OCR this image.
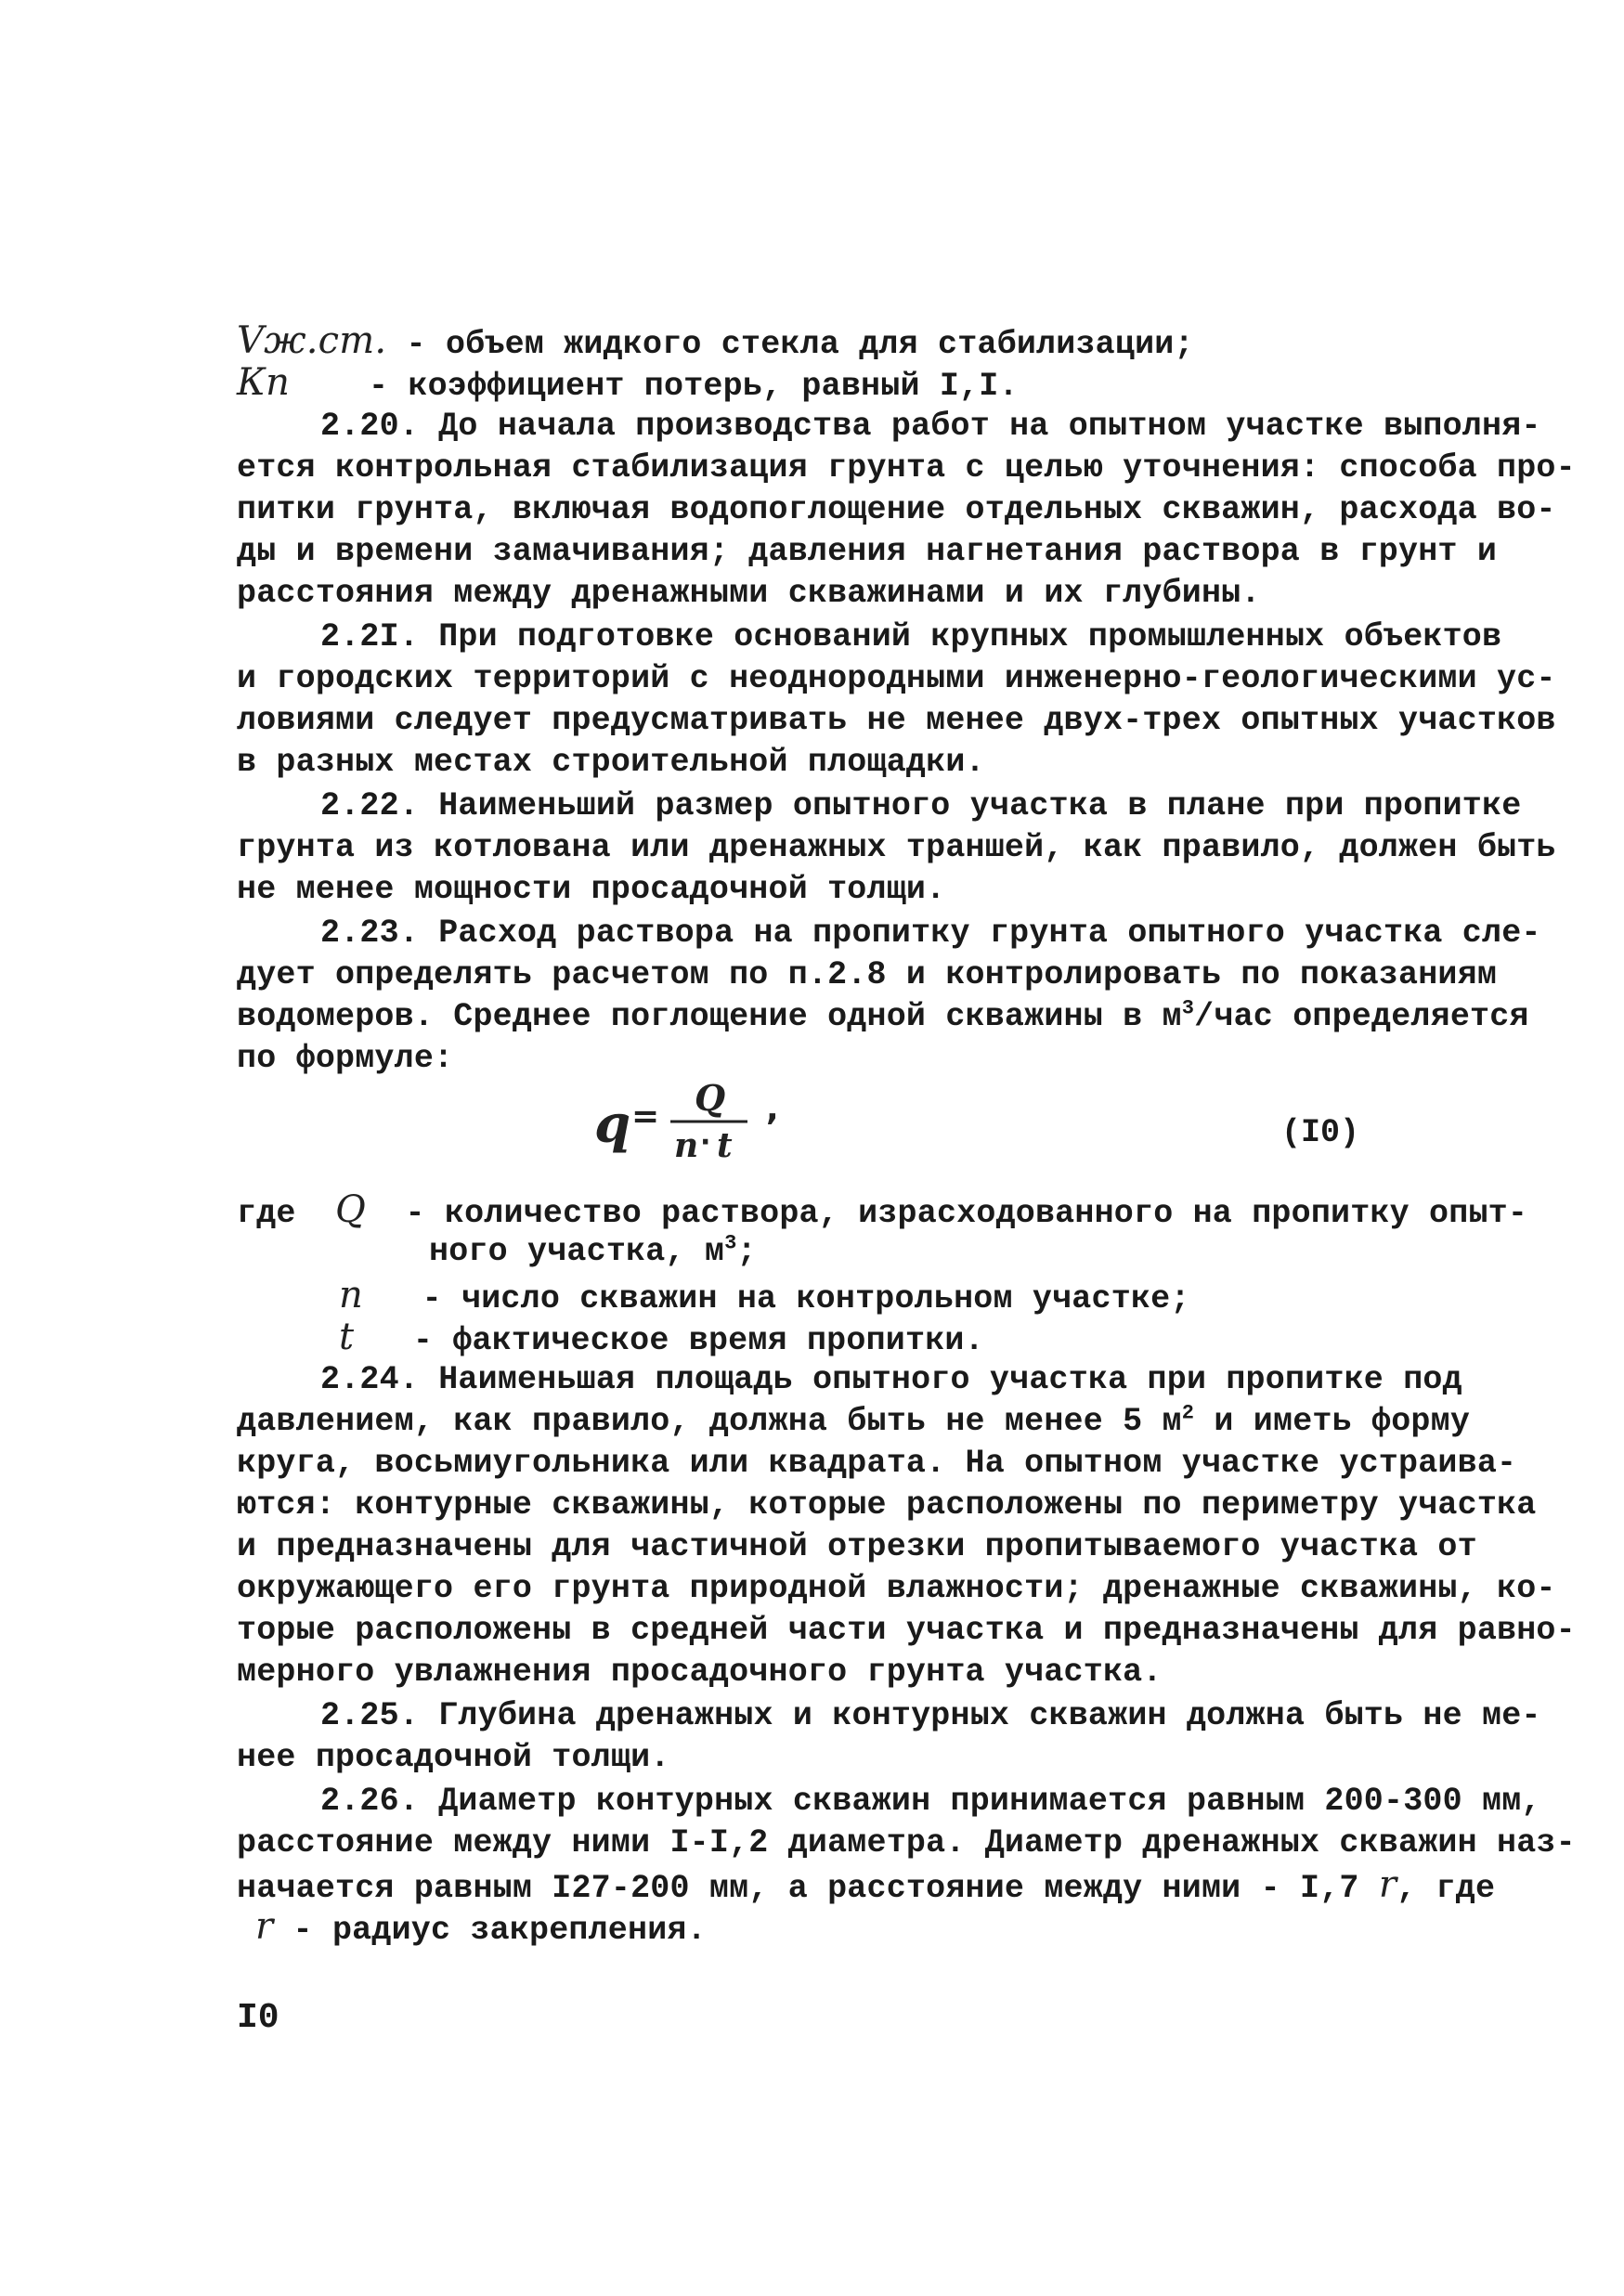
Vж.ст. - объем жидкого стекла для стабилизации;
Кп - коэффициент потерь, равный I,I.
2.20. До начала производства работ на опытном участке выполня-
ется контрольная стабилизация грунта с целью уточнения: способа про-
питки грунта, включая водопоглощение отдельных скважин, расхода во-
ды и времени замачивания; давления нагнетания раствора в грунт и
расстояния между дренажными скважинами и их глубины.
2.2I. При подготовке оснований крупных промышленных объектов
и городских территорий с неоднородными инженерно-геологическими ус-
ловиями следует предусматривать не менее двух-трех опытных участков
в разных местах строительной площадки.
2.22. Наименьший размер опытного участка в плане при пропитке
грунта из котлована или дренажных траншей, как правило, должен быть
не менее мощности просадочной толщи.
2.23. Расход раствора на пропитку грунта опытного участка сле-
дует определять расчетом по п.2.8 и контролировать по показаниям
водомеров. Среднее поглощение одной скважины в $м^3$/час определяется
по формуле:
q = Q
n · t
,
(I0)
где Q - количество раствора, израсходованного на пропитку опыт-
ного участка, $м^3$;
n - число скважин на контрольном участке;
t - фактическое время пропитки.
2.24. Наименьшая площадь опытного участка при пропитке под
давлением, как правило, должна быть не менее 5 $м^2$ и иметь форму
круга, восьмиугольника или квадрата. На опытном участке устраива-
ются: контурные скважины, которые расположены по периметру участка
и предназначены для частичной отрезки пропитываемого участка от
окружающего его грунта природной влажности; дренажные скважины, ко-
торые расположены в средней части участка и предназначены для равно-
мерного увлажнения просадочного грунта участка.
2.25. Глубина дренажных и контурных скважин должна быть не ме-
нее просадочной толщи.
2.26. Диаметр контурных скважин принимается равным 200-300 мм,
расстояние между ними I-I,2 диаметра. Диаметр дренажных скважин наз-
начается равным I27-200 мм, а расстояние между ними - I,7 r, где
r - радиус закрепления.
I0
